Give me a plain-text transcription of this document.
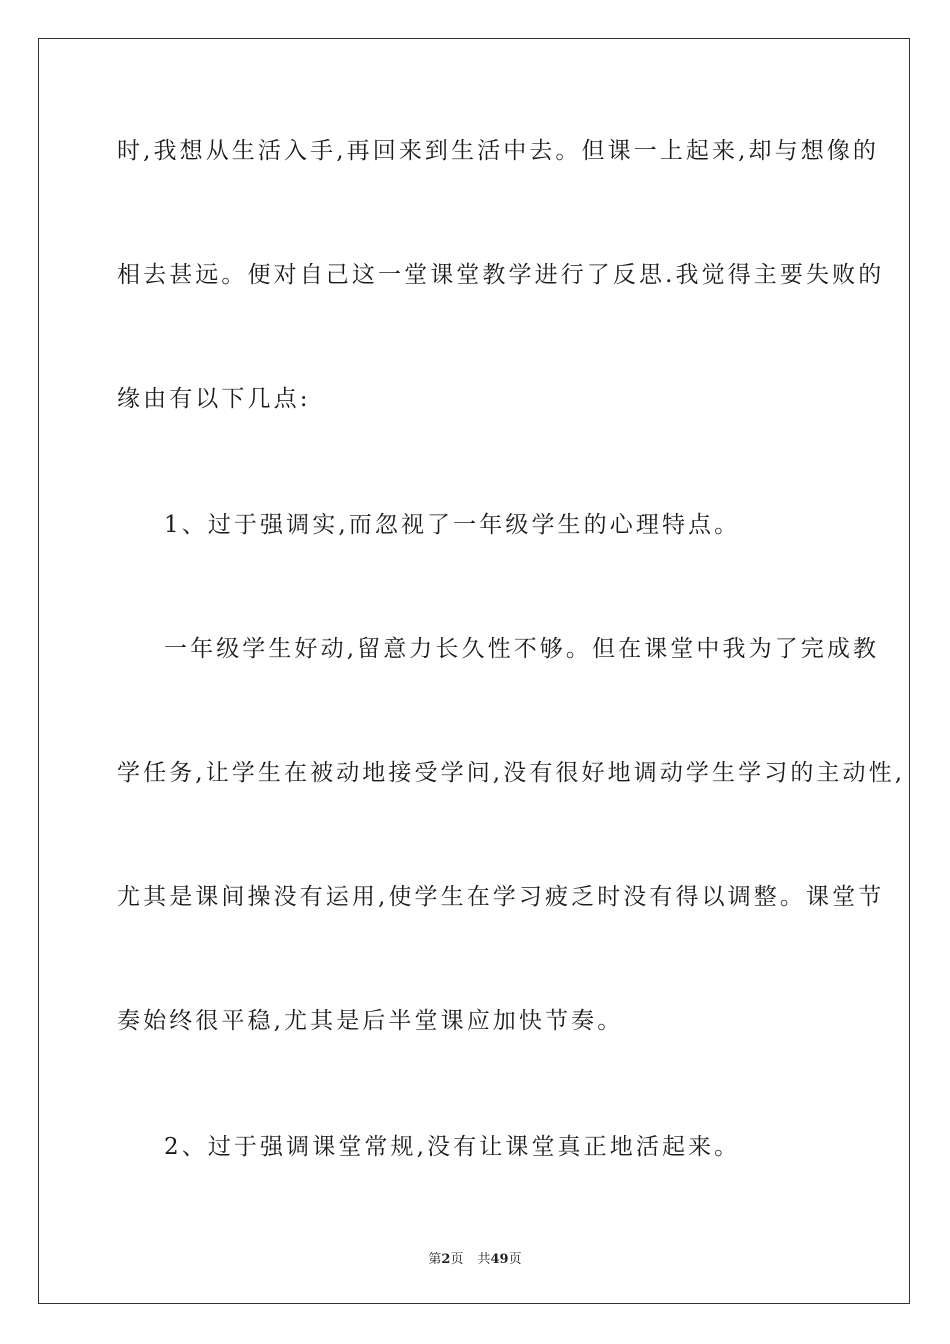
时,我想从生活入手,再回来到生活中去。但课一上起来,却与想像的
相去甚远。便对自己这一堂课堂教学进行了反思.我觉得主要失败的
缘由有以下几点:
1、过于强调实,而忽视了一年级学生的心理特点。
一年级学生好动,留意力长久性不够。但在课堂中我为了完成教
学任务,让学生在被动地接受学问,没有很好地调动学生学习的主动性,
尤其是课间操没有运用,使学生在学习疲乏时没有得以调整。课堂节
奏始终很平稳,尤其是后半堂课应加快节奏。
2、过于强调课堂常规,没有让课堂真正地活起来。
第2页 共49页
